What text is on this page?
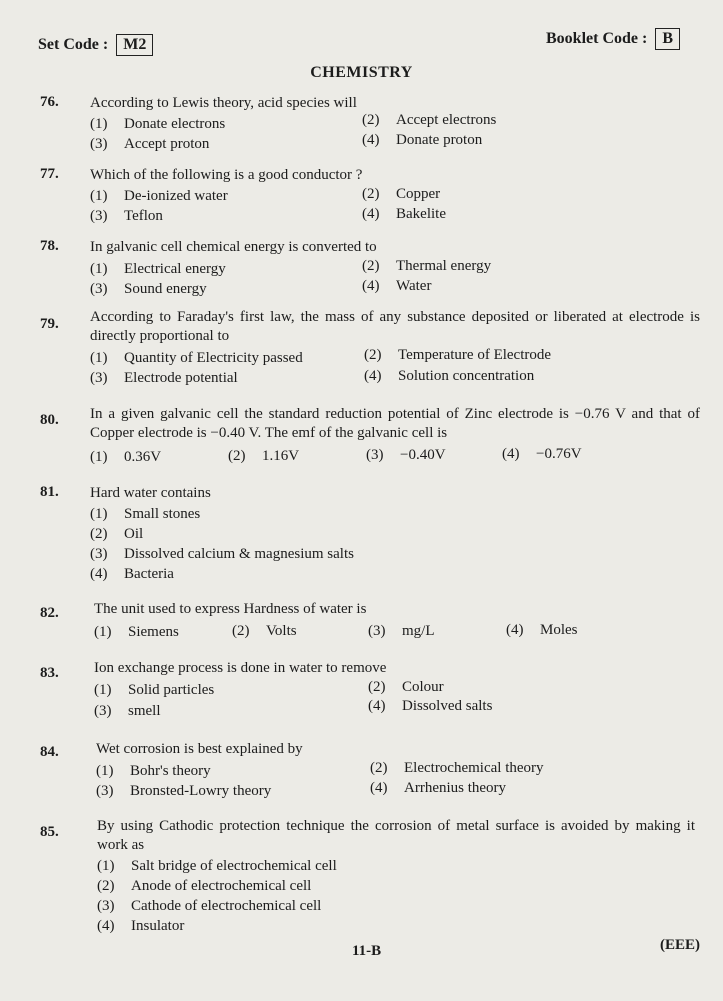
Set Code : M2	Booklet Code : B
CHEMISTRY
76.	According to Lewis theory, acid species will
(1) Donate electrons	(2) Accept electrons
(3) Accept proton	(4) Donate proton
77.	Which of the following is a good conductor ?
(1) De-ionized water	(2) Copper
(3) Teflon	(4) Bakelite
78.	In galvanic cell chemical energy is converted to
(1) Electrical energy	(2) Thermal energy
(3) Sound energy	(4) Water
79.	According to Faraday's first law, the mass of any substance deposited or liberated at electrode is directly proportional to
(1) Quantity of Electricity passed	(2) Temperature of Electrode
(3) Electrode potential	(4) Solution concentration
80.	In a given galvanic cell the standard reduction potential of Zinc electrode is −0.76 V and that of Copper electrode is −0.40 V. The emf of the galvanic cell is
(1) 0.36V	(2) 1.16V	(3) −0.40V	(4) −0.76V
81.	Hard water contains
(1) Small stones
(2) Oil
(3) Dissolved calcium & magnesium salts
(4) Bacteria
82.	The unit used to express Hardness of water is
(1) Siemens	(2) Volts	(3) mg/L	(4) Moles
83.	Ion exchange process is done in water to remove
(1) Solid particles	(2) Colour
(3) smell	(4) Dissolved salts
84.	Wet corrosion is best explained by
(1) Bohr's theory	(2) Electrochemical theory
(3) Bronsted-Lowry theory	(4) Arrhenius theory
85.	By using Cathodic protection technique the corrosion of metal surface is avoided by making it work as
(1) Salt bridge of electrochemical cell
(2) Anode of electrochemical cell
(3) Cathode of electrochemical cell
(4) Insulator
11-B	(EEE)
